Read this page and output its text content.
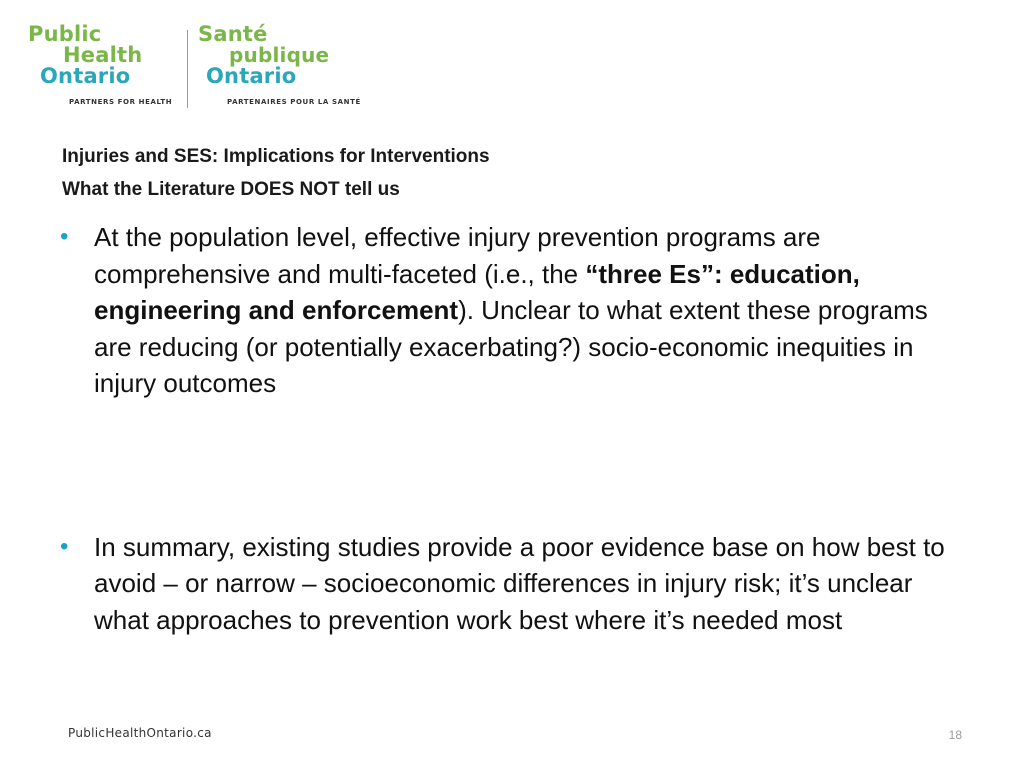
Public
Health
Ontario
PARTNERS FOR HEALTH
Santé
publique
Ontario
PARTENAIRES POUR LA SANTÉ
Injuries and SES: Implications for Interventions
What the Literature DOES NOT tell us
• At the population level, effective injury prevention programs are comprehensive and multi-faceted (i.e., the “three Es”: education, engineering and enforcement). Unclear to what extent these programs are reducing (or potentially exacerbating?) socio-economic inequities in injury outcomes
• In summary, existing studies provide a poor evidence base on how best to avoid – or narrow – socioeconomic differences in injury risk; it’s unclear what approaches to prevention work best where it’s needed most
PublicHealthOntario.ca	18
